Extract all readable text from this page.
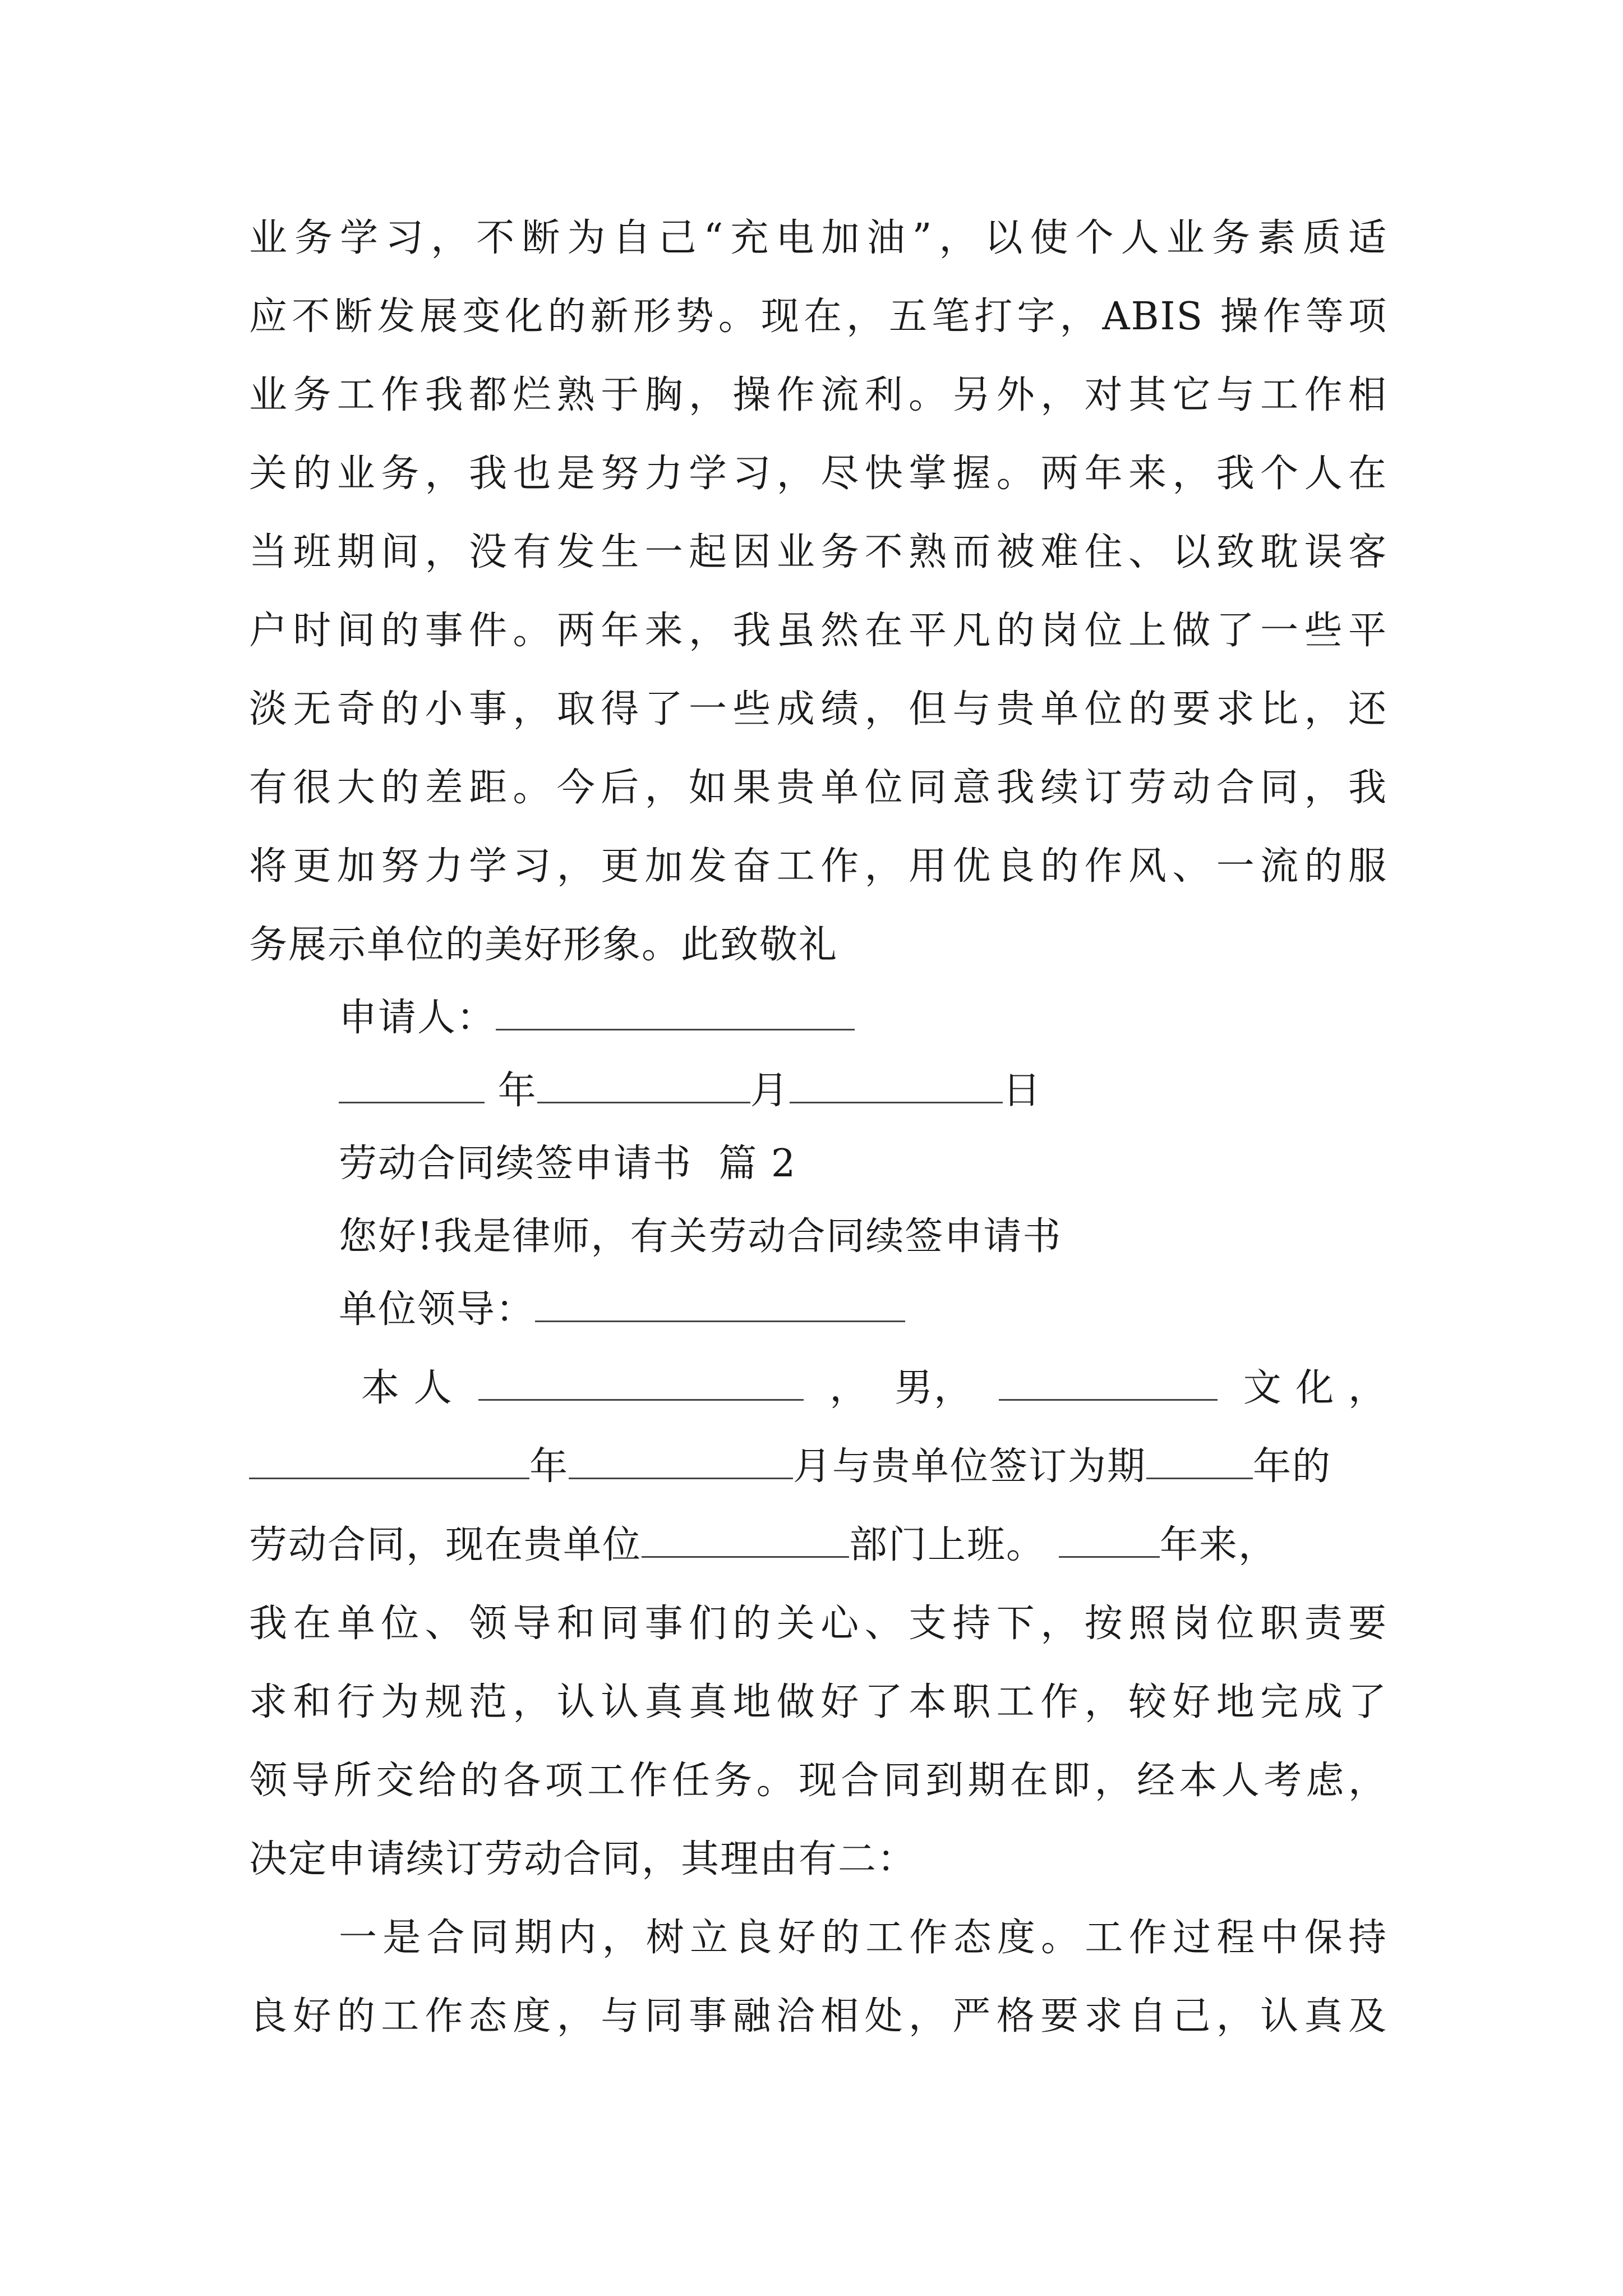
业务学习，不断为自己“充电加油”，以使个人业务素质适
应不断发展变化的新形势。现在，五笔打字，ABIS 操作等项
业务工作我都烂熟于胸，操作流利。另外，对其它与工作相
关的业务，我也是努力学习，尽快掌握。两年来，我个人在
当班期间，没有发生一起因业务不熟而被难住、以致耽误客
户时间的事件。两年来，我虽然在平凡的岗位上做了一些平
淡无奇的小事，取得了一些成绩，但与贵单位的要求比，还
有很大的差距。今后，如果贵单位同意我续订劳动合同，我
将更加努力学习，更加发奋工作，用优良的作风、一流的服
务展示单位的美好形象。此致敬礼
申请人：
年	月	日
劳动合同续签申请书  篇 2
您好!我是律师，有关劳动合同续签申请书
单位领导：
本 人	， 男，	文 化 ，
年	月与贵单位签订为期	年的
劳动合同，现在贵单位	部门上班。	年来，
我在单位、领导和同事们的关心、支持下，按照岗位职责要
求和行为规范，认认真真地做好了本职工作，较好地完成了
领导所交给的各项工作任务。现合同到期在即，经本人考虑，
决定申请续订劳动合同，其理由有二：
一是合同期内，树立良好的工作态度。工作过程中保持
良好的工作态度，与同事融洽相处，严格要求自己，认真及
